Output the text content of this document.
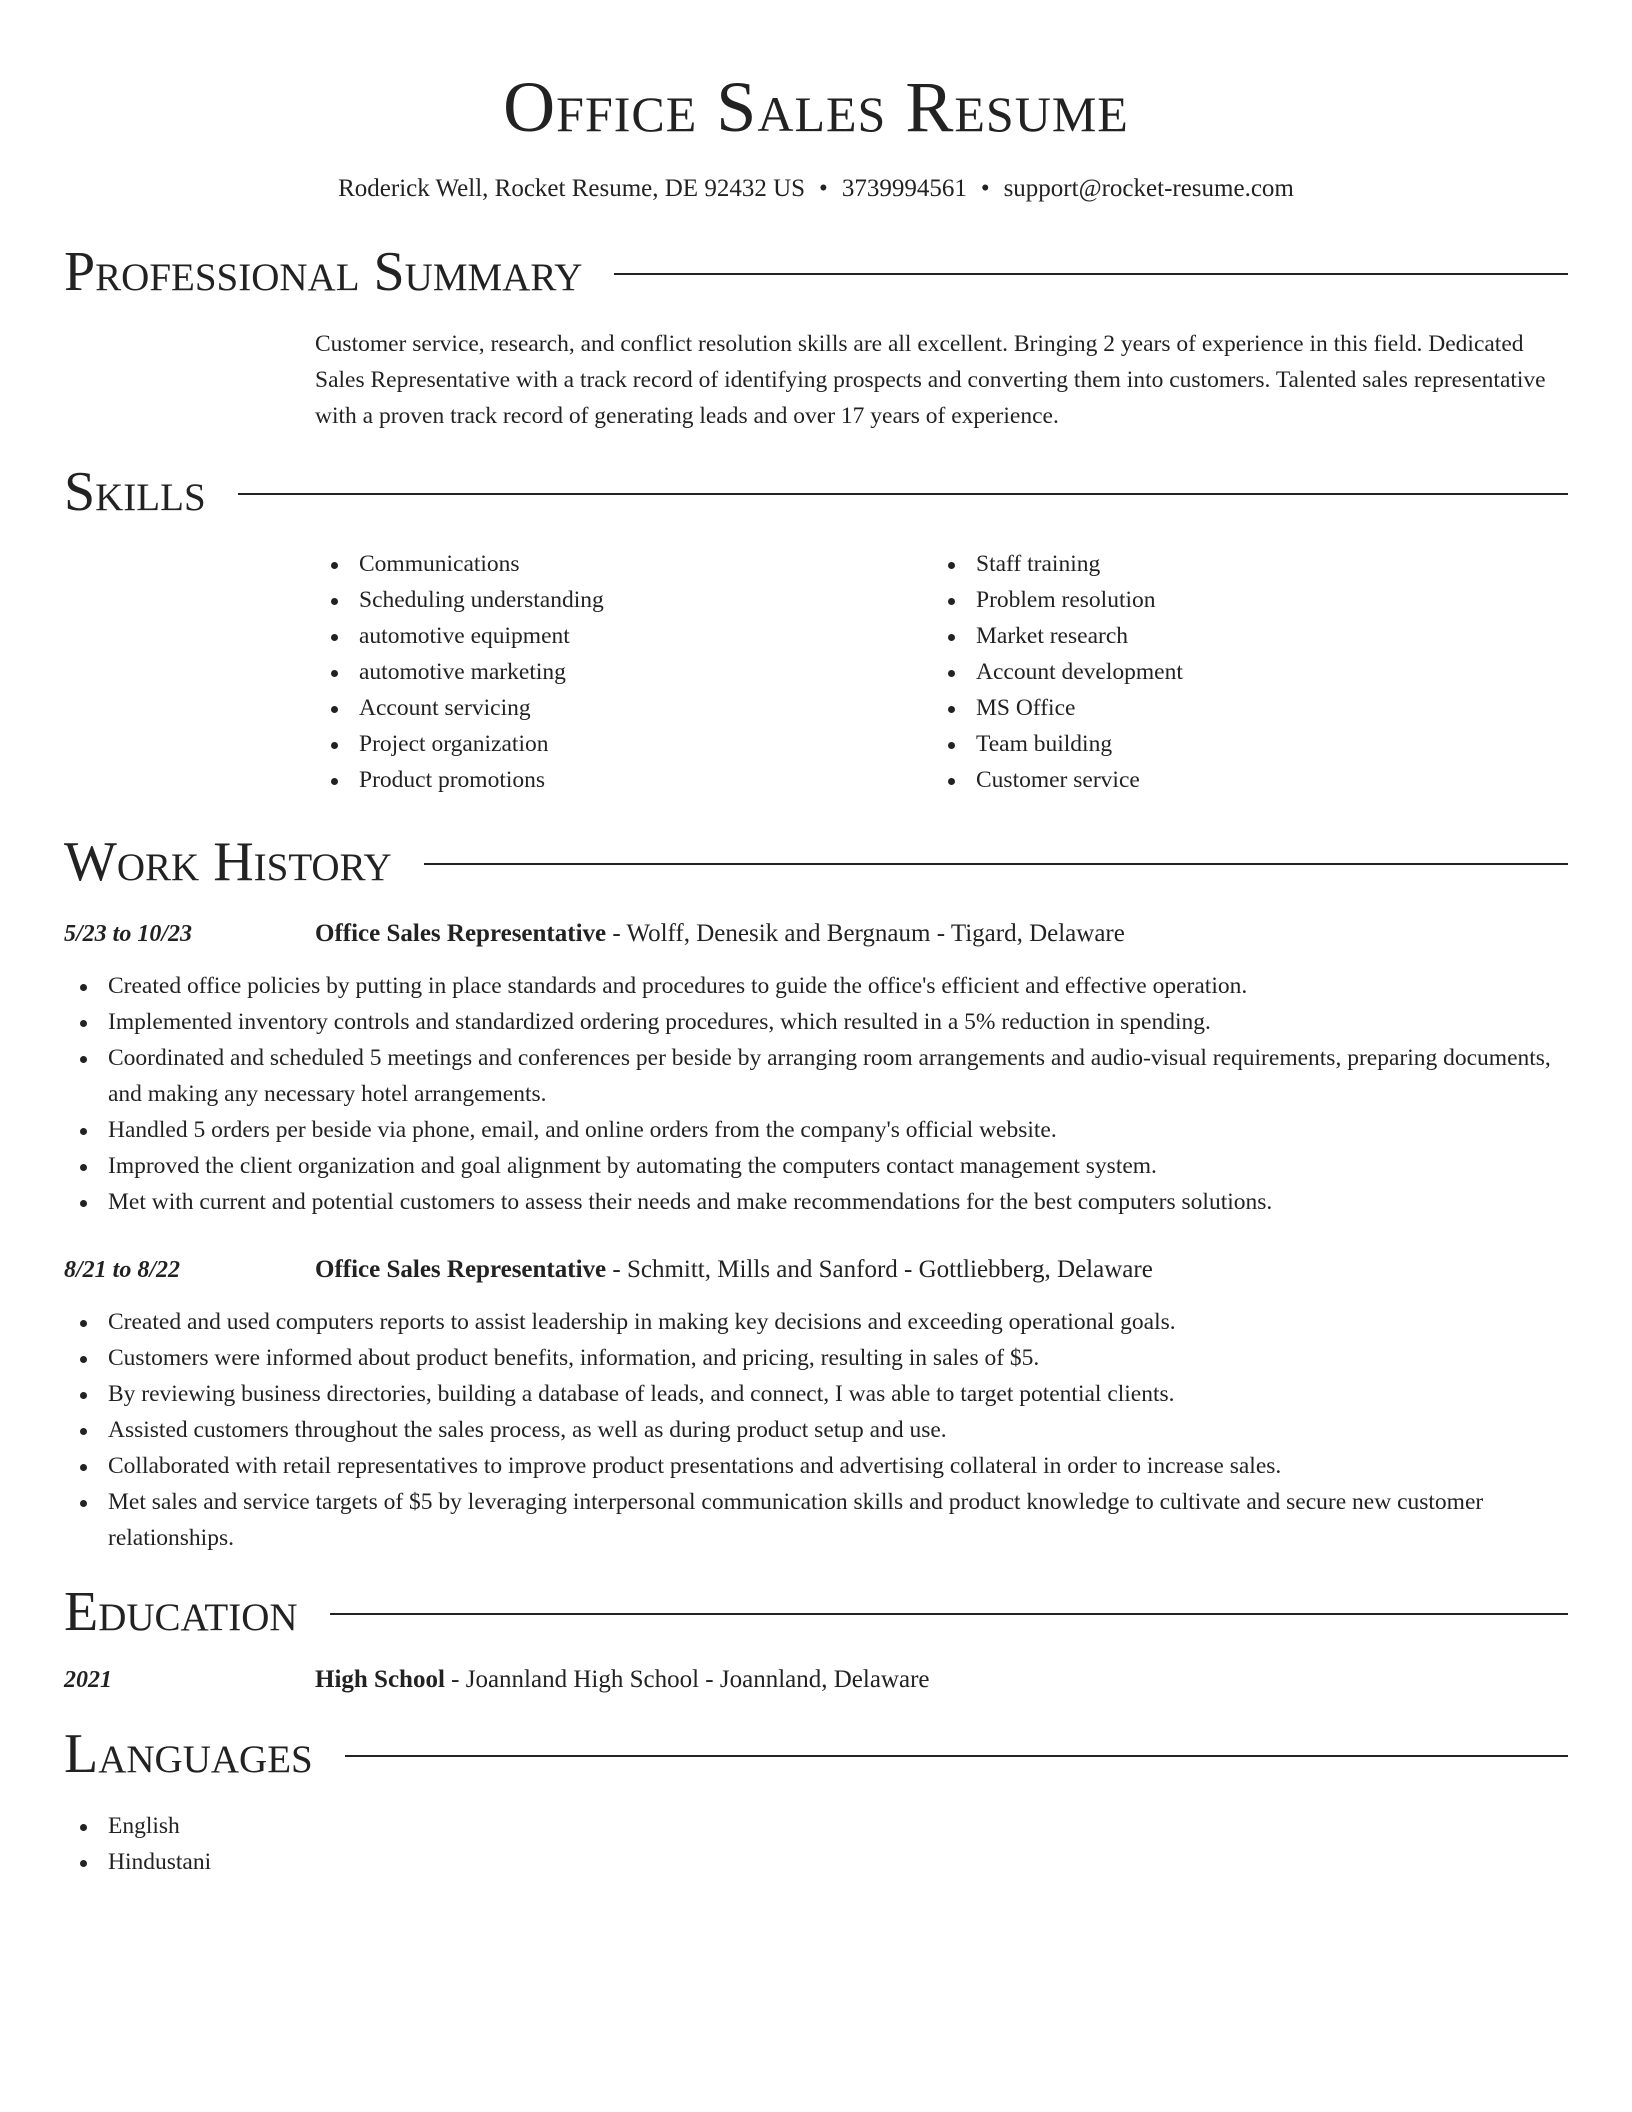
Office Sales Resume
Roderick Well, Rocket Resume, DE 92432 US • 3739994561 • support@rocket-resume.com
Professional Summary
Customer service, research, and conflict resolution skills are all excellent. Bringing 2 years of experience in this field. Dedicated Sales Representative with a track record of identifying prospects and converting them into customers. Talented sales representative with a proven track record of generating leads and over 17 years of experience.
Skills
Communications
Scheduling understanding
automotive equipment
automotive marketing
Account servicing
Project organization
Product promotions
Staff training
Problem resolution
Market research
Account development
MS Office
Team building
Customer service
Work History
5/23 to 10/23	Office Sales Representative - Wolff, Denesik and Bergnaum - Tigard, Delaware
Created office policies by putting in place standards and procedures to guide the office's efficient and effective operation.
Implemented inventory controls and standardized ordering procedures, which resulted in a 5% reduction in spending.
Coordinated and scheduled 5 meetings and conferences per beside by arranging room arrangements and audio-visual requirements, preparing documents, and making any necessary hotel arrangements.
Handled 5 orders per beside via phone, email, and online orders from the company's official website.
Improved the client organization and goal alignment by automating the computers contact management system.
Met with current and potential customers to assess their needs and make recommendations for the best computers solutions.
8/21 to 8/22	Office Sales Representative - Schmitt, Mills and Sanford - Gottliebberg, Delaware
Created and used computers reports to assist leadership in making key decisions and exceeding operational goals.
Customers were informed about product benefits, information, and pricing, resulting in sales of $5.
By reviewing business directories, building a database of leads, and connect, I was able to target potential clients.
Assisted customers throughout the sales process, as well as during product setup and use.
Collaborated with retail representatives to improve product presentations and advertising collateral in order to increase sales.
Met sales and service targets of $5 by leveraging interpersonal communication skills and product knowledge to cultivate and secure new customer relationships.
Education
2021	High School - Joannland High School - Joannland, Delaware
Languages
English
Hindustani
